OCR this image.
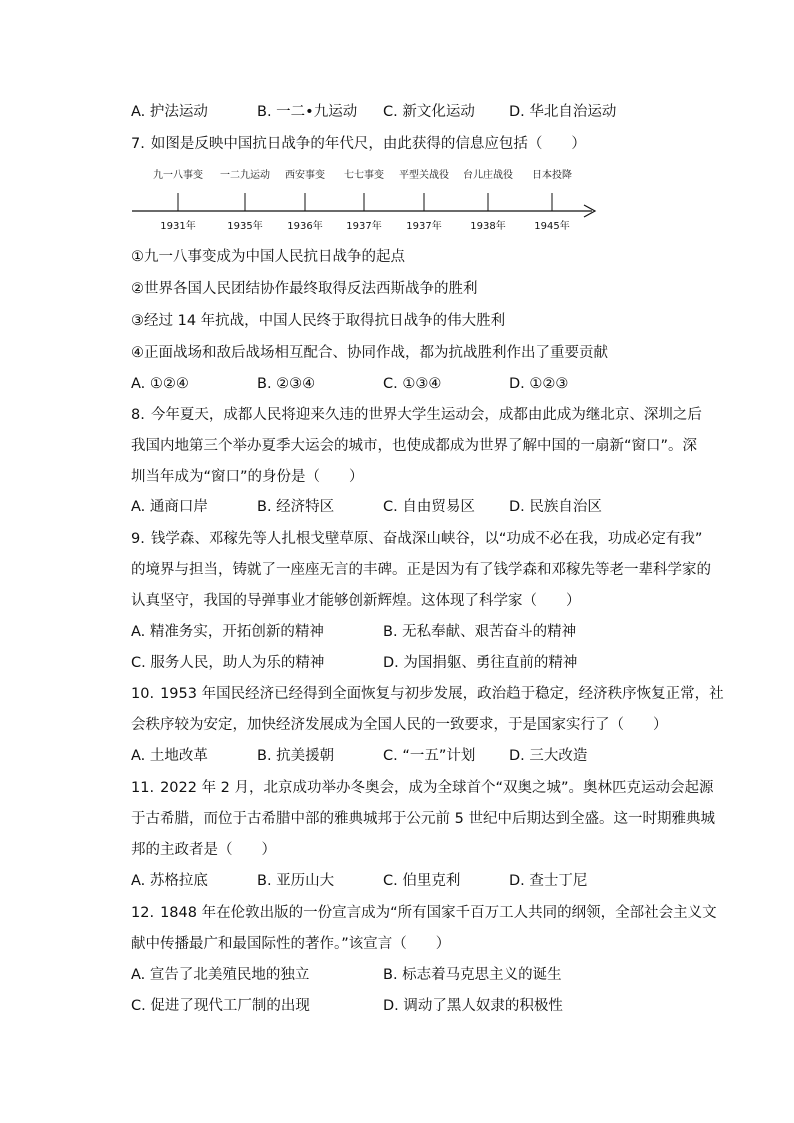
A. 护法运动	B. 一二•九运动 C. 新文化运动 D. 华北自治运动
7. 如图是反映中国抗日战争的年代尺，由此获得的信息应包括（　　）
九一八事变
1931年
一二九运动
1935年
西安事变
1936年
七七事变
1937年
平型关战役
1937年
台儿庄战役
1938年
日本投降
1945年
①九一八事变成为中国人民抗日战争的起点
②世界各国人民团结协作最终取得反法西斯战争的胜利
③经过 14 年抗战，中国人民终于取得抗日战争的伟大胜利
④正面战场和敌后战场相互配合、协同作战，都为抗战胜利作出了重要贡献
A. ①②④	B. ②③④	C. ①③④	D. ①②③
8. 今年夏天，成都人民将迎来久违的世界大学生运动会，成都由此成为继北京、深圳之后
我国内地第三个举办夏季大运会的城市，也使成都成为世界了解中国的一扇新“窗口”。深
圳当年成为“窗口”的身份是（　　）
A. 通商口岸	B. 经济特区	C. 自由贸易区 D. 民族自治区
9. 钱学森、邓稼先等人扎根戈壁草原、奋战深山峡谷，以“功成不必在我，功成必定有我”
的境界与担当，铸就了一座座无言的丰碑。正是因为有了钱学森和邓稼先等老一辈科学家的
认真坚守，我国的导弹事业才能够创新辉煌。这体现了科学家（　　）
A. 精准务实，开拓创新的精神	B. 无私奉献、艰苦奋斗的精神
C. 服务人民，助人为乐的精神	D. 为国捐躯、勇往直前的精神
10. 1953 年国民经济已经得到全面恢复与初步发展，政治趋于稳定，经济秩序恢复正常，社
会秩序较为安定，加快经济发展成为全国人民的一致要求，于是国家实行了（　　）
A. 土地改革	B. 抗美援朝	C. “一五”计划 D. 三大改造
11. 2022 年 2 月，北京成功举办冬奥会，成为全球首个“双奥之城”。奥林匹克运动会起源
于古希腊，而位于古希腊中部的雅典城邦于公元前 5 世纪中后期达到全盛。这一时期雅典城
邦的主政者是（　　）
A. 苏格拉底	B. 亚历山大	C. 伯里克利	D. 查士丁尼
12. 1848 年在伦敦出版的一份宣言成为“所有国家千百万工人共同的纲领，全部社会主义文
献中传播最广和最国际性的著作。”该宣言（　　）
A. 宣告了北美殖民地的独立	B. 标志着马克思主义的诞生
C. 促进了现代工厂制的出现	D. 调动了黑人奴隶的积极性
